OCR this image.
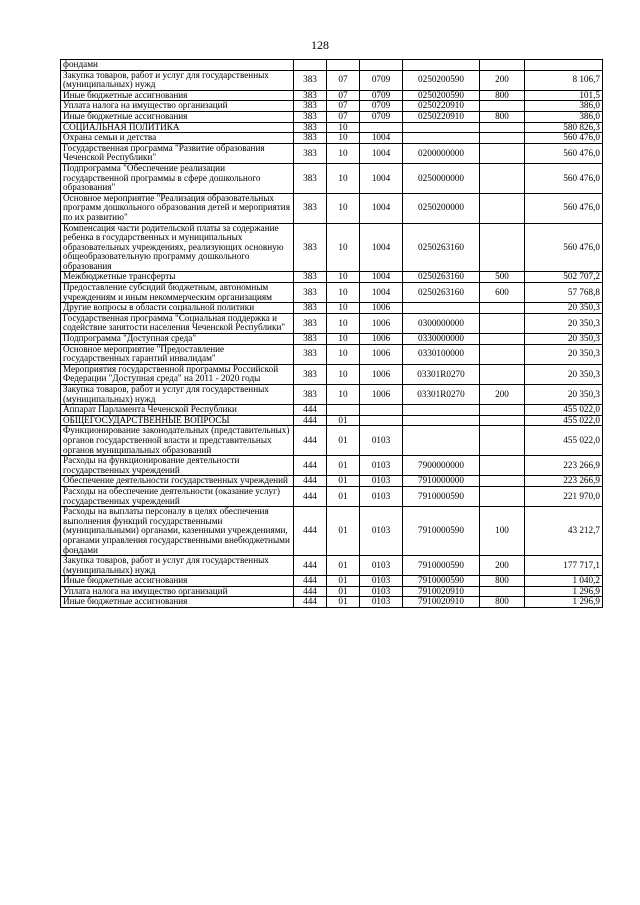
128
фондами						
Закупка товаров, работ и услуг для государственных (муниципальных) нужд	383	07	0709	0250200590	200	8 106,7
Иные бюджетные ассигнования	383	07	0709	0250200590	800	101,5
Уплата налога на имущество организаций	383	07	0709	0250220910		386,0
Иные бюджетные ассигнования	383	07	0709	0250220910	800	386,0
СОЦИАЛЬНАЯ ПОЛИТИКА	383	10				580 826,3
Охрана семьи и детства	383	10	1004			560 476,0
Государственная программа "Развитие образования Чеченской Республики"	383	10	1004	0200000000		560 476,0
Подпрограмма "Обеспечение реализации государственной программы в сфере дошкольного образования"	383	10	1004	0250000000		560 476,0
Основное мероприятие "Реализация образовательных программ дошкольного образования детей и мероприятия по их развитию"	383	10	1004	0250200000		560 476,0
Компенсация части родительской платы за содержание ребенка в государственных и муниципальных образовательных учреждениях, реализующих основную общеобразовательную программу дошкольного образования	383	10	1004	0250263160		560 476,0
Межбюджетные трансферты	383	10	1004	0250263160	500	502 707,2
Предоставление субсидий бюджетным, автономным учреждениям и иным некоммерческим организациям	383	10	1004	0250263160	600	57 768,8
Другие вопросы в области социальной политики	383	10	1006			20 350,3
Государственная программа "Социальная поддержка и содействие занятости населения Чеченской Республики"	383	10	1006	0300000000		20 350,3
Подпрограмма "Доступная среда"	383	10	1006	0330000000		20 350,3
Основное мероприятие "Предоставление государственных гарантий инвалидам"	383	10	1006	0330100000		20 350,3
Мероприятия государственной программы Российской Федерации "Доступная среда" на 2011 - 2020 годы	383	10	1006	03301R0270		20 350,3
Закупка товаров, работ и услуг для государственных (муниципальных) нужд	383	10	1006	03301R0270	200	20 350,3
Аппарат Парламента Чеченской Республики	444					455 022,0
ОБЩЕГОСУДАРСТВЕННЫЕ ВОПРОСЫ	444	01				455 022,0
Функционирование законодательных (представительных) органов государственной власти и представительных органов муниципальных образований	444	01	0103			455 022,0
Расходы на функционирование деятельности государственных учреждений	444	01	0103	7900000000		223 266,9
Обеспечение деятельности государственных учреждений	444	01	0103	7910000000		223 266,9
Расходы на обеспечение деятельности (оказание услуг) государственных учреждений	444	01	0103	7910000590		221 970,0
Расходы на выплаты персоналу в целях обеспечения выполнения функций государственными (муниципальными) органами, казенными учреждениями, органами управления государственными внебюджетными фондами	444	01	0103	7910000590	100	43 212,7
Закупка товаров, работ и услуг для государственных (муниципальных) нужд	444	01	0103	7910000590	200	177 717,1
Иные бюджетные ассигнования	444	01	0103	7910000590	800	1 040,2
Уплата налога на имущество организаций	444	01	0103	7910020910		1 296,9
Иные бюджетные ассигнования	444	01	0103	7910020910	800	1 296,9
